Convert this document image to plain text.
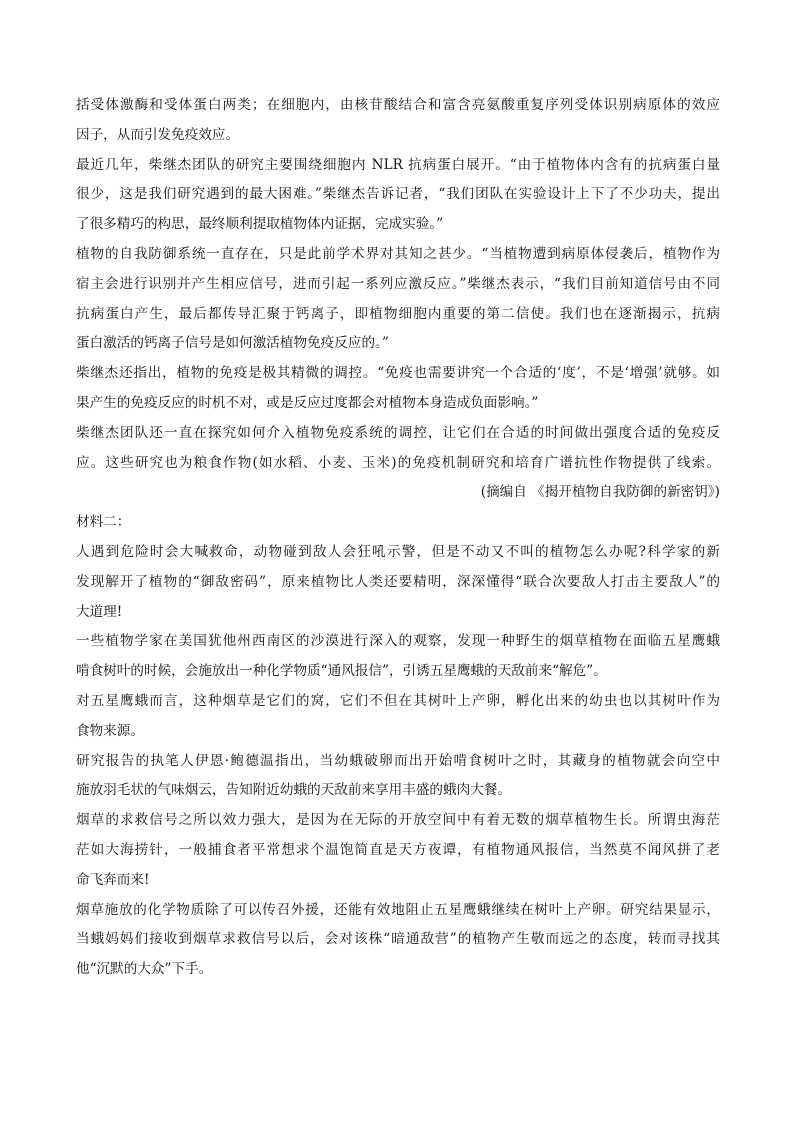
括受体激酶和受体蛋白两类；在细胞内，由核苷酸结合和富含亮氨酸重复序列受体识别病原体的效应

因子，从而引发免疫效应。

最近几年，柴继杰团队的研究主要围绕细胞内 NLR 抗病蛋白展开。“由于植物体内含有的抗病蛋白量

很少，这是我们研究遇到的最大困难。”柴继杰告诉记者，“我们团队在实验设计上下了不少功夫，提出

了很多精巧的构思，最终顺利提取植物体内证据，完成实验。”

植物的自我防御系统一直存在，只是此前学术界对其知之甚少。“当植物遭到病原体侵袭后，植物作为

宿主会进行识别并产生相应信号，进而引起一系列应激反应。”柴继杰表示，“我们目前知道信号由不同

抗病蛋白产生，最后都传导汇聚于钙离子，即植物细胞内重要的第二信使。我们也在逐渐揭示，抗病

蛋白激活的钙离子信号是如何激活植物免疫反应的。”

柴继杰还指出，植物的免疫是极其精微的调控。“免疫也需要讲究一个合适的‘度’，不是‘增强’就够。如

果产生的免疫反应的时机不对，或是反应过度都会对植物本身造成负面影响。”

柴继杰团队还一直在探究如何介入植物免疫系统的调控，让它们在合适的时间做出强度合适的免疫反

应。这些研究也为粮食作物(如水稻、小麦、玉米)的免疫机制研究和培育广谱抗性作物提供了线索。

(摘编自 《揭开植物自我防御的新密钥》)

材料二：

人遇到危险时会大喊救命，动物碰到敌人会狂吼示警，但是不动又不叫的植物怎么办呢?科学家的新

发现解开了植物的“御敌密码”，原来植物比人类还要精明，深深懂得“联合次要敌人打击主要敌人”的

大道理!

一些植物学家在美国犹他州西南区的沙漠进行深入的观察，发现一种野生的烟草植物在面临五星鹰蛾

啃食树叶的时候，会施放出一种化学物质“通风报信”，引诱五星鹰蛾的天敌前来“解危”。

对五星鹰蛾而言，这种烟草是它们的窝，它们不但在其树叶上产卵，孵化出来的幼虫也以其树叶作为

食物来源。

研究报告的执笔人伊恩·鲍德温指出，当幼蛾破卵而出开始啃食树叶之时，其藏身的植物就会向空中

施放羽毛状的气味烟云，告知附近幼蛾的天敌前来享用丰盛的蛾肉大餐。

烟草的求救信号之所以效力强大，是因为在无际的开放空间中有着无数的烟草植物生长。所谓虫海茫

茫如大海捞针，一般捕食者平常想求个温饱简直是天方夜谭，有植物通风报信，当然莫不闻风拼了老

命飞奔而来!

烟草施放的化学物质除了可以传召外援，还能有效地阻止五星鹰蛾继续在树叶上产卵。研究结果显示，

当蛾妈妈们接收到烟草求救信号以后，会对该株“暗通敌营”的植物产生敬而远之的态度，转而寻找其

他“沉默的大众”下手。
